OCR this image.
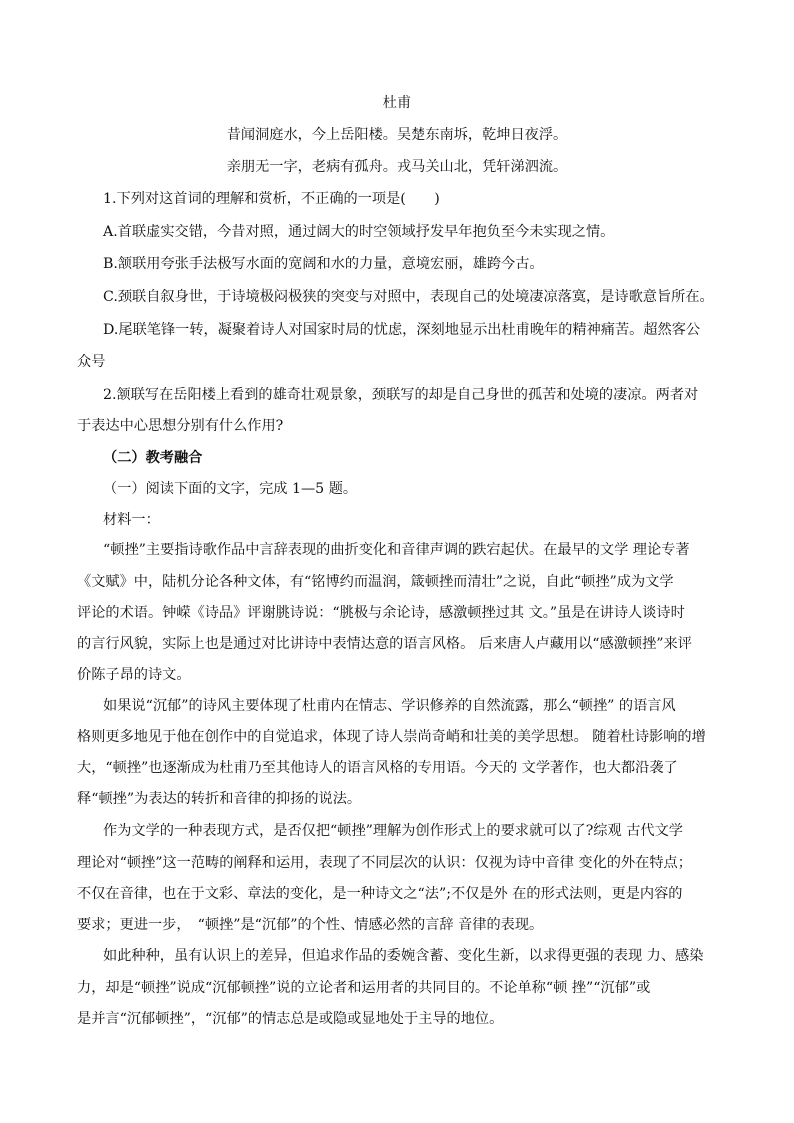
杜甫
昔闻洞庭水，今上岳阳楼。吴楚东南坼，乾坤日夜浮。
亲朋无一字，老病有孤舟。戎马关山北，凭轩涕泗流。
1.下列对这首词的理解和赏析，不正确的一项是(　　)
A.首联虚实交错，今昔对照，通过阔大的时空领域抒发早年抱负至今未实现之情。
B.颔联用夸张手法极写水面的宽阔和水的力量，意境宏丽，雄跨今古。
C.颈联自叙身世，于诗境极闷极狭的突变与对照中，表现自己的处境凄凉落寞，是诗歌意旨所在。
D.尾联笔锋一转，凝聚着诗人对国家时局的忧虑，深刻地显示出杜甫晚年的精神痛苦。超然客公
众号
2.颔联写在岳阳楼上看到的雄奇壮观景象，颈联写的却是自己身世的孤苦和处境的凄凉。两者对
于表达中心思想分别有什么作用?
（二）教考融合
（一）阅读下面的文字，完成 1—5 题。
材料一：
“顿挫”主要指诗歌作品中言辞表现的曲折变化和音律声调的跌宕起伏。在最早的文学 理论专著
《文赋》中，陆机分论各种文体，有“铭博约而温润，箴顿挫而清壮”之说，自此“顿挫”成为文学
评论的术语。钟嵘《诗品》评谢朓诗说：“朓极与余论诗，感激顿挫过其 文。”虽是在讲诗人谈诗时
的言行风貌，实际上也是通过对比讲诗中表情达意的语言风格。 后来唐人卢藏用以“感激顿挫”来评
价陈子昂的诗文。
如果说“沉郁”的诗风主要体现了杜甫内在情志、学识修养的自然流露，那么“顿挫” 的语言风
格则更多地见于他在创作中的自觉追求，体现了诗人崇尚奇峭和壮美的美学思想。 随着杜诗影响的增
大，“顿挫”也逐渐成为杜甫乃至其他诗人的语言风格的专用语。今天的 文学著作，也大都沿袭了
释“顿挫”为表达的转折和音律的抑扬的说法。
作为文学的一种表现方式，是否仅把“顿挫”理解为创作形式上的要求就可以了?综观 古代文学
理论对“顿挫”这一范畴的阐释和运用，表现了不同层次的认识：仅视为诗中音律 变化的外在特点；
不仅在音律，也在于文彩、章法的变化，是一种诗文之“法”;不仅是外 在的形式法则，更是内容的
要求；更进一步，　“顿挫”是“沉郁”的个性、情感必然的言辞 音律的表现。
如此种种，虽有认识上的差异，但追求作品的委婉含蓄、变化生新，以求得更强的表现 力、感染
力，却是“顿挫”说成“沉郁顿挫”说的立论者和运用者的共同目的。不论单称“顿 挫”“沉郁”或
是并言“沉郁顿挫”，“沉郁”的情志总是或隐或显地处于主导的地位。
